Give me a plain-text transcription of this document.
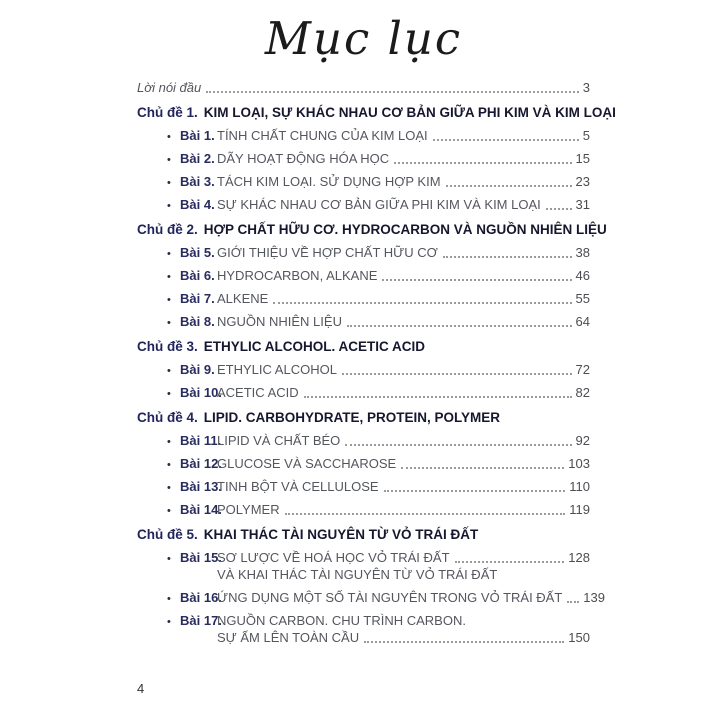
Mục lục
Lời nói đầu	3
Chủ đề 1. KIM LOẠI, SỰ KHÁC NHAU CƠ BẢN GIỮA PHI KIM VÀ KIM LOẠI
• Bài 1. TÍNH CHẤT CHUNG CỦA KIM LOẠI	5
• Bài 2. DÃY HOẠT ĐỘNG HÓA HỌC	15
• Bài 3. TÁCH KIM LOẠI. SỬ DỤNG HỢP KIM	23
• Bài 4. SỰ KHÁC NHAU CƠ BẢN GIỮA PHI KIM VÀ KIM LOẠI	31
Chủ đề 2. HỢP CHẤT HỮU CƠ. HYDROCARBON VÀ NGUỒN NHIÊN LIỆU
• Bài 5. GIỚI THIỆU VỀ HỢP CHẤT HỮU CƠ	38
• Bài 6. HYDROCARBON, ALKANE	46
• Bài 7. ALKENE	55
• Bài 8. NGUỒN NHIÊN LIỆU	64
Chủ đề 3. ETHYLIC ALCOHOL. ACETIC ACID
• Bài 9. ETHYLIC ALCOHOL	72
• Bài 10.
ACETIC ACID	82
Chủ đề 4. LIPID. CARBOHYDRATE, PROTEIN, POLYMER
• Bài 11.
LIPID VÀ CHẤT BÉO	92
• Bài 12.
GLUCOSE VÀ SACCHAROSE	103
• Bài 13.
TINH BỘT VÀ CELLULOSE	110
• Bài 14.
POLYMER	119
Chủ đề 5. KHAI THÁC TÀI NGUYÊN TỪ VỎ TRÁI ĐẤT
• Bài 15.
SƠ LƯỢC VỀ HOÁ HỌC VỎ TRÁI ĐẤT	128
VÀ KHAI THÁC TÀI NGUYÊN TỪ VỎ TRÁI ĐẤT
• Bài 16.
ỨNG DỤNG MỘT SỐ TÀI NGUYÊN TRONG VỎ TRÁI ĐẤT 139
• Bài 17.
NGUỒN CARBON. CHU TRÌNH CARBON.
SỰ ẤM LÊN TOÀN CẦU	150
4
